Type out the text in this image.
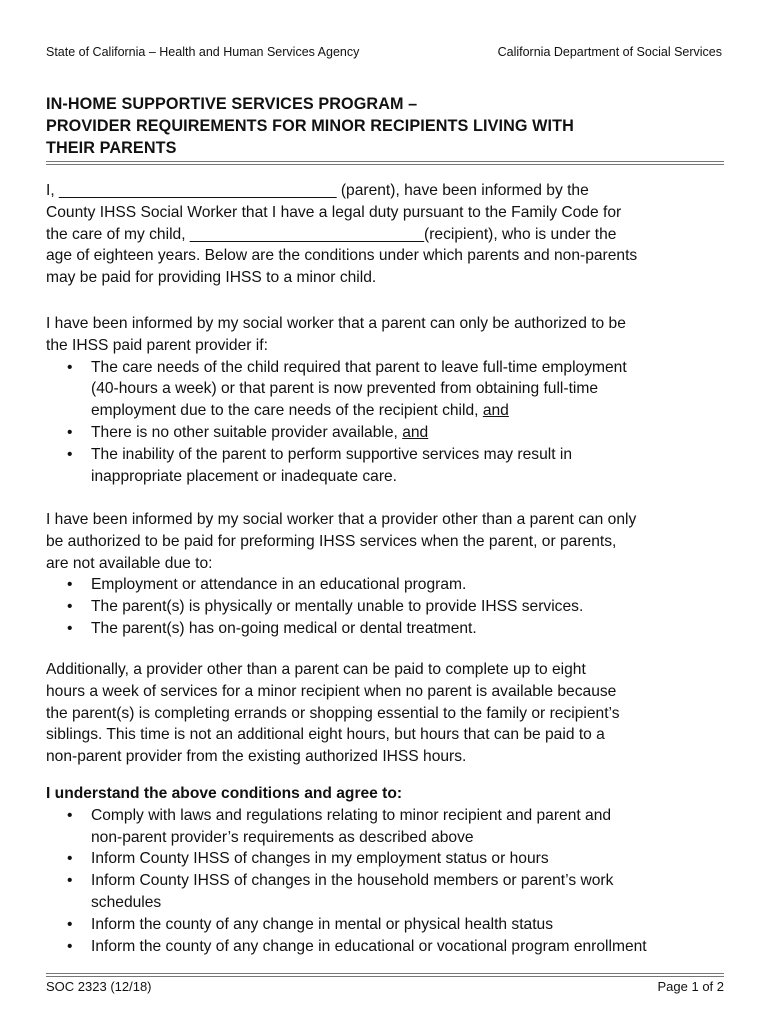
State of California – Health and Human Services Agency	California Department of Social Services
IN-HOME SUPPORTIVE SERVICES PROGRAM –
PROVIDER REQUIREMENTS FOR MINOR RECIPIENTS LIVING WITH
THEIR PARENTS
I, ________________________________ (parent), have been informed by the
County IHSS Social Worker that I have a legal duty pursuant to the Family Code for
the care of my child, ___________________________(recipient), who is under the
age of eighteen years. Below are the conditions under which parents and non-parents
may be paid for providing IHSS to a minor child.
I have been informed by my social worker that a parent can only be authorized to be
the IHSS paid parent provider if:
• The care needs of the child required that parent to leave full-time employment
(40-hours a week) or that parent is now prevented from obtaining full-time
employment due to the care needs of the recipient child, and
• There is no other suitable provider available, and
• The inability of the parent to perform supportive services may result in
inappropriate placement or inadequate care.
I have been informed by my social worker that a provider other than a parent can only
be authorized to be paid for preforming IHSS services when the parent, or parents,
are not available due to:
• Employment or attendance in an educational program.
• The parent(s) is physically or mentally unable to provide IHSS services.
• The parent(s) has on-going medical or dental treatment.
Additionally, a provider other than a parent can be paid to complete up to eight
hours a week of services for a minor recipient when no parent is available because
the parent(s) is completing errands or shopping essential to the family or recipient’s
siblings. This time is not an additional eight hours, but hours that can be paid to a
non-parent provider from the existing authorized IHSS hours.
I understand the above conditions and agree to:
• Comply with laws and regulations relating to minor recipient and parent and
non-parent provider’s requirements as described above
• Inform County IHSS of changes in my employment status or hours
• Inform County IHSS of changes in the household members or parent’s work
schedules
• Inform the county of any change in mental or physical health status
• Inform the county of any change in educational or vocational program enrollment
SOC 2323 (12/18)	Page 1 of 2
